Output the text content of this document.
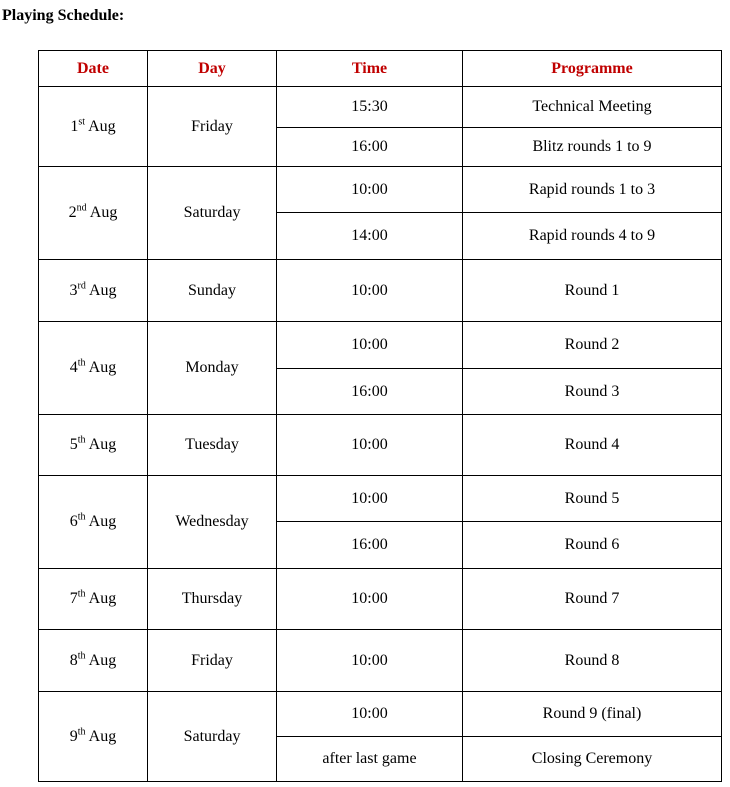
Playing Schedule:
Date	Day	Time	Programme
1st Aug	Friday	15:30	Technical Meeting
		16:00	Blitz rounds 1 to 9
2nd Aug	Saturday	10:00	Rapid rounds 1 to 3
		14:00	Rapid rounds 4 to 9
3rd Aug	Sunday	10:00	Round 1
4th Aug	Monday	10:00	Round 2
		16:00	Round 3
5th Aug	Tuesday	10:00	Round 4
6th Aug	Wednesday	10:00	Round 5
		16:00	Round 6
7th Aug	Thursday	10:00	Round 7
8th Aug	Friday	10:00	Round 8
9th Aug	Saturday	10:00	Round 9 (final)
		after last game	Closing Ceremony
